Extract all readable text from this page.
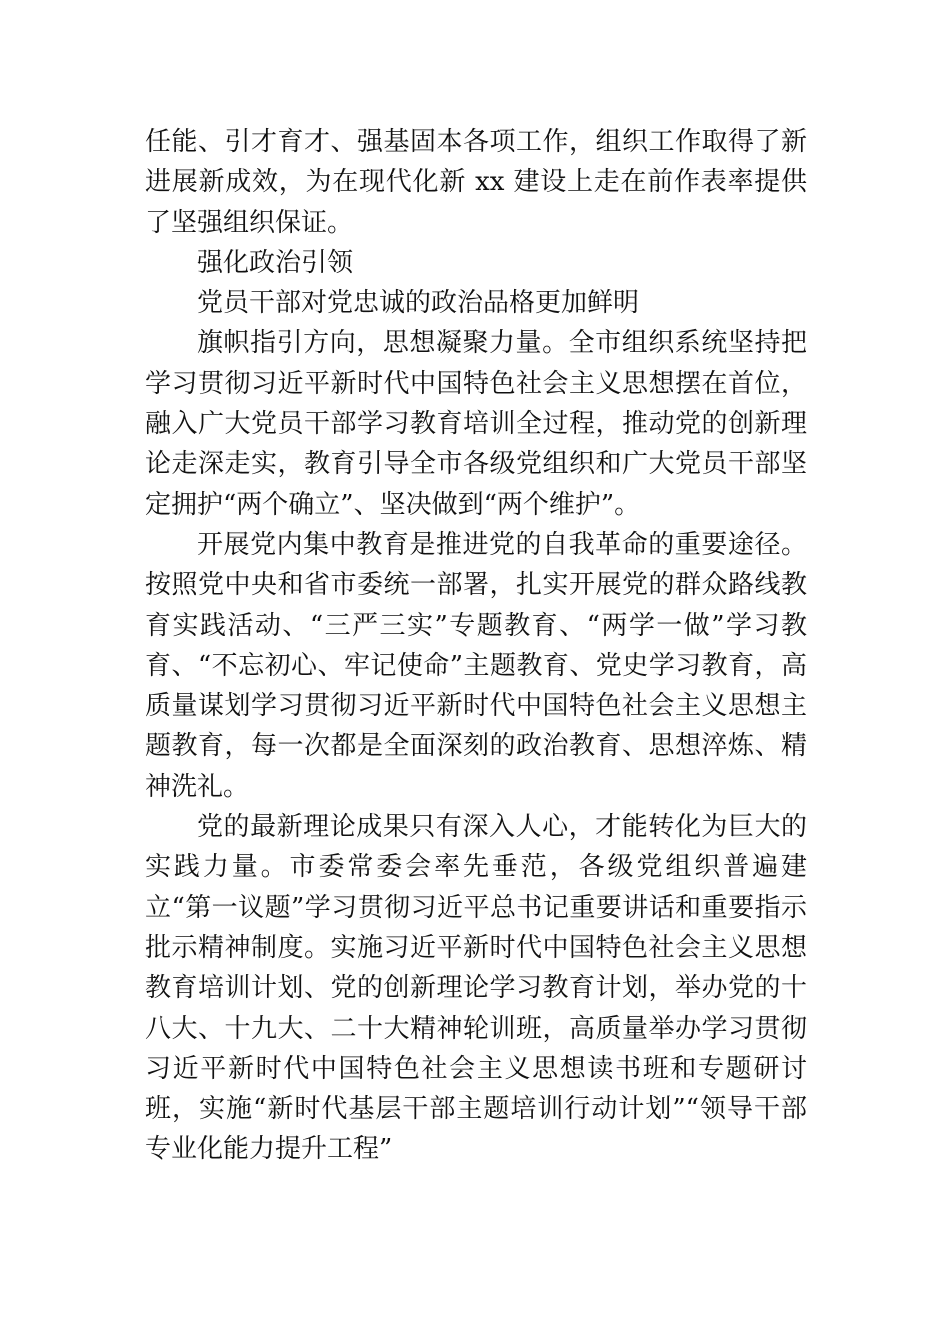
任能、引才育才、强基固本各项工作，组织工作取得了新进展新成效，为在现代化新 xx 建设上走在前作表率提供了坚强组织保证。

强化政治引领

党员干部对党忠诚的政治品格更加鲜明

旗帜指引方向，思想凝聚力量。全市组织系统坚持把学习贯彻习近平新时代中国特色社会主义思想摆在首位，融入广大党员干部学习教育培训全过程，推动党的创新理论走深走实，教育引导全市各级党组织和广大党员干部坚定拥护“两个确立”、坚决做到“两个维护”。

开展党内集中教育是推进党的自我革命的重要途径。按照党中央和省市委统一部署，扎实开展党的群众路线教育实践活动、“三严三实”专题教育、“两学一做”学习教育、“不忘初心、牢记使命”主题教育、党史学习教育，高质量谋划学习贯彻习近平新时代中国特色社会主义思想主题教育，每一次都是全面深刻的政治教育、思想淬炼、精神洗礼。

党的最新理论成果只有深入人心，才能转化为巨大的实践力量。市委常委会率先垂范，各级党组织普遍建立“第一议题”学习贯彻习近平总书记重要讲话和重要指示批示精神制度。实施习近平新时代中国特色社会主义思想教育培训计划、党的创新理论学习教育计划，举办党的十八大、十九大、二十大精神轮训班，高质量举办学习贯彻习近平新时代中国特色社会主义思想读书班和专题研讨班，实施“新时代基层干部主题培训行动计划”“领导干部专业化能力提升工程”
